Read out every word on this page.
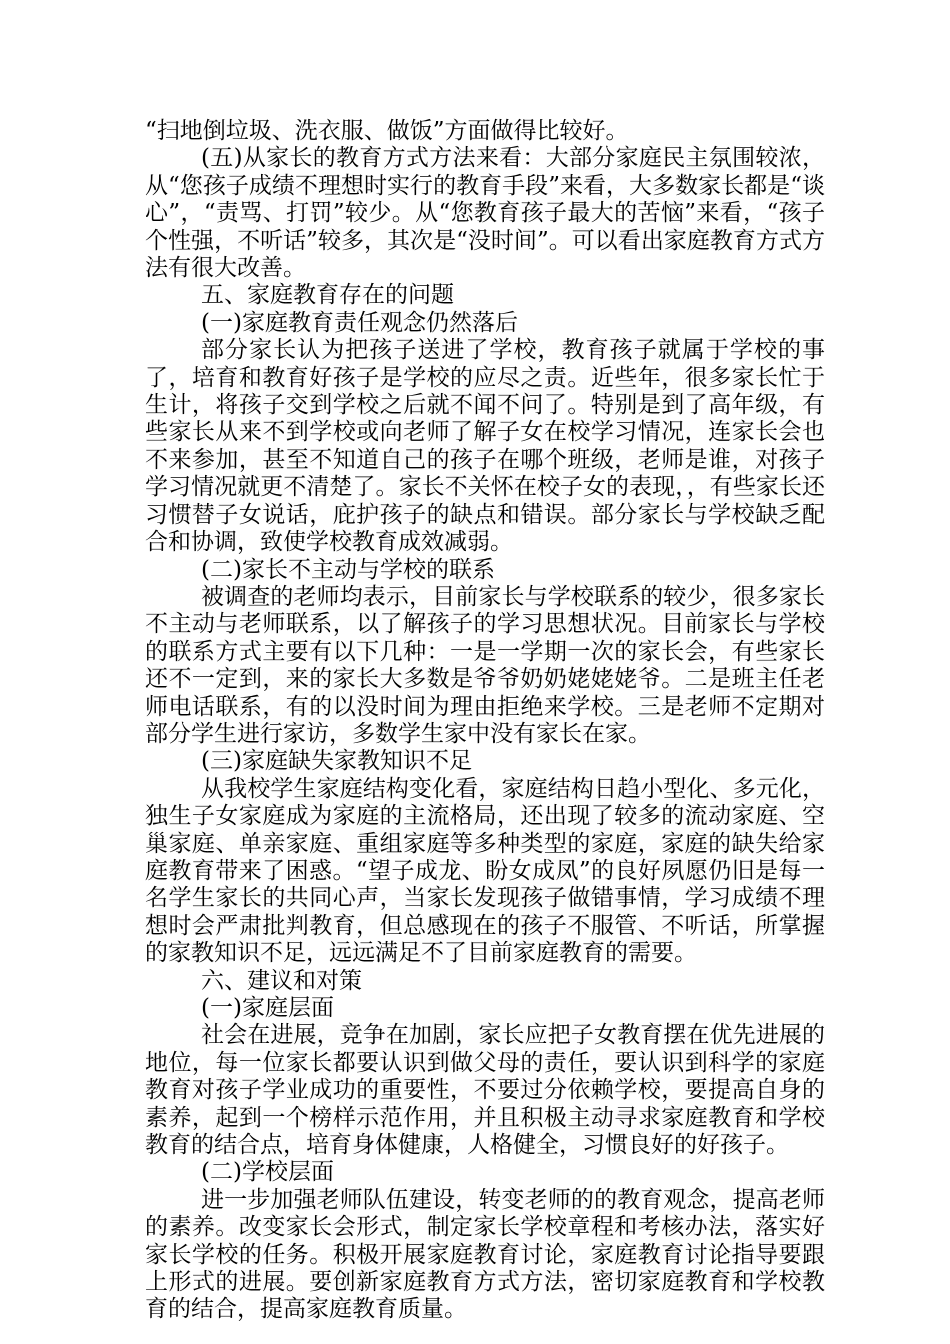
“扫地倒垃圾、洗衣服、做饭”方面做得比较好。

(五)从家长的教育方式方法来看：大部分家庭民主氛围较浓，从“您孩子成绩不理想时实行的教育手段”来看，大多数家长都是“谈心”，“责骂、打罚”较少。从“您教育孩子最大的苦恼”来看，“孩子个性强，不听话”较多，其次是“没时间”。可以看出家庭教育方式方法有很大改善。

五、家庭教育存在的问题

(一)家庭教育责任观念仍然落后

部分家长认为把孩子送进了学校，教育孩子就属于学校的事了，培育和教育好孩子是学校的应尽之责。近些年，很多家长忙于生计，将孩子交到学校之后就不闻不问了。特别是到了高年级，有些家长从来不到学校或向老师了解子女在校学习情况，连家长会也不来参加，甚至不知道自己的孩子在哪个班级，老师是谁，对孩子学习情况就更不清楚了。家长不关怀在校子女的表现，，有些家长还习惯替子女说话，庇护孩子的缺点和错误。部分家长与学校缺乏配合和协调，致使学校教育成效减弱。

(二)家长不主动与学校的联系

被调查的老师均表示，目前家长与学校联系的较少，很多家长不主动与老师联系，以了解孩子的学习思想状况。目前家长与学校的联系方式主要有以下几种：一是一学期一次的家长会，有些家长还不一定到，来的家长大多数是爷爷奶奶姥姥姥爷。二是班主任老师电话联系，有的以没时间为理由拒绝来学校。三是老师不定期对部分学生进行家访，多数学生家中没有家长在家。

(三)家庭缺失家教知识不足

从我校学生家庭结构变化看，家庭结构日趋小型化、多元化，独生子女家庭成为家庭的主流格局，还出现了较多的流动家庭、空巢家庭、单亲家庭、重组家庭等多种类型的家庭，家庭的缺失给家庭教育带来了困惑。“望子成龙、盼女成凤”的良好夙愿仍旧是每一名学生家长的共同心声，当家长发现孩子做错事情，学习成绩不理想时会严肃批判教育，但总感现在的孩子不服管、不听话，所掌握的家教知识不足，远远满足不了目前家庭教育的需要。

六、建议和对策

(一)家庭层面

社会在进展，竞争在加剧，家长应把子女教育摆在优先进展的地位，每一位家长都要认识到做父母的责任，要认识到科学的家庭教育对孩子学业成功的重要性，不要过分依赖学校，要提高自身的素养，起到一个榜样示范作用，并且积极主动寻求家庭教育和学校教育的结合点，培育身体健康，人格健全，习惯良好的好孩子。

(二)学校层面

进一步加强老师队伍建设，转变老师的的教育观念，提高老师的素养。改变家长会形式，制定家长学校章程和考核办法，落实好家长学校的任务。积极开展家庭教育讨论，家庭教育讨论指导要跟上形式的进展。要创新家庭教育方式方法，密切家庭教育和学校教育的结合，提高家庭教育质量。
